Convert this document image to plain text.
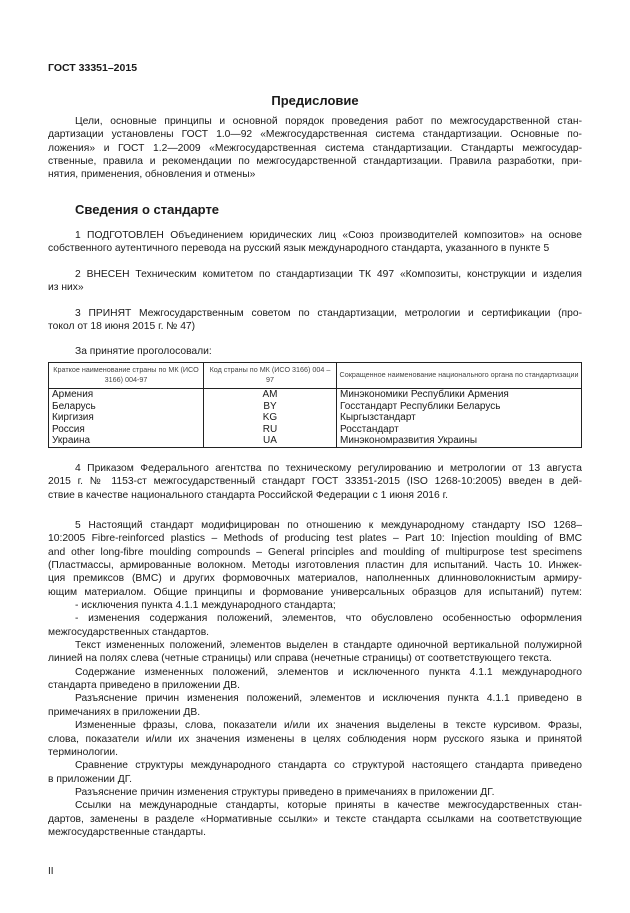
ГОСТ 33351–2015
Предисловие
Сведения о стандарте
Цели, основные принципы и основной порядок проведения работ по межгосударственной стан-
дартизации установлены ГОСТ 1.0—92 «Межгосударственная система стандартизации. Основные по-
ложения» и ГОСТ 1.2—2009 «Межгосударственная система стандартизации. Стандарты межгосудар-
ственные, правила и рекомендации по межгосударственной стандартизации. Правила разработки, при-
нятия, применения, обновления и отмены»
1 ПОДГОТОВЛЕН Объединением юридических лиц «Союз производителей композитов» на основе
собственного аутентичного перевода на русский язык международного стандарта, указанного в пункте 5
2 ВНЕСЕН Техническим комитетом по стандартизации ТК 497 «Композиты, конструкции и изделия
из них»
3 ПРИНЯТ Межгосударственным советом по стандартизации, метрологии и сертификации (про-
токол от 18 июня 2015 г. № 47)
За принятие проголосовали:
Краткое наименование страны по МК (ИСО 3166) 004-97	Код страны по МК (ИСО 3166) 004 –97	Сокращенное наименование национального органа по стандартизации
Армения	AM	Минэкономики Республики Армения
Беларусь	BY	Госстандарт Республики Беларусь
Киргизия	KG	Кыргызстандарт
Россия	RU	Росстандарт
Украина	UA	Минэкономразвития Украины
4 Приказом Федерального агентства по техническому регулированию и метрологии от 13 августа
2015 г. № 1153-ст межгосударственный стандарт ГОСТ 33351-2015 (ISO 1268-10:2005) введен в дей-
ствие в качестве национального стандарта Российской Федерации с 1 июня 2016 г.
5 Настоящий стандарт модифицирован по отношению к международному стандарту ISO 1268–
10:2005 Fibre-reinforced plastics – Methods of producing test plates – Part 10: Injection moulding of BMC
and other long-fibre moulding compounds – General principles and moulding of multipurpose test specimens
(Пластмассы, армированные волокном. Методы изготовления пластин для испытаний. Часть 10. Инжек-
ция премиксов (BMC) и других формовочных материалов, наполненных длинноволокнистым армиру-
ющим материалом. Общие принципы и формование универсальных образцов для испытаний) путем:
- исключения пункта 4.1.1 международного стандарта;
- изменения содержания положений, элементов, что обусловлено особенностью оформления
межгосударственных стандартов.
Текст измененных положений, элементов выделен в стандарте одиночной вертикальной полужирной
линией на полях слева (четные страницы) или справа (нечетные страницы) от соответствующего текста.
Содержание измененных положений, элементов и исключенного пункта 4.1.1 международного
стандарта приведено в приложении ДВ.
Разъяснение причин изменения положений, элементов и исключения пункта 4.1.1 приведено в
примечаниях в приложении ДВ.
Измененные фразы, слова, показатели и/или их значения выделены в тексте курсивом. Фразы,
слова, показатели и/или их значения изменены в целях соблюдения норм русского языка и принятой
терминологии.
Сравнение структуры международного стандарта со структурой настоящего стандарта приведено
в приложении ДГ.
Разъяснение причин изменения структуры приведено в примечаниях в приложении ДГ.
Ссылки на международные стандарты, которые приняты в качестве межгосударственных стан-
дартов, заменены в разделе «Нормативные ссылки» и тексте стандарта ссылками на соответствующие
межгосударственные стандарты.
II
